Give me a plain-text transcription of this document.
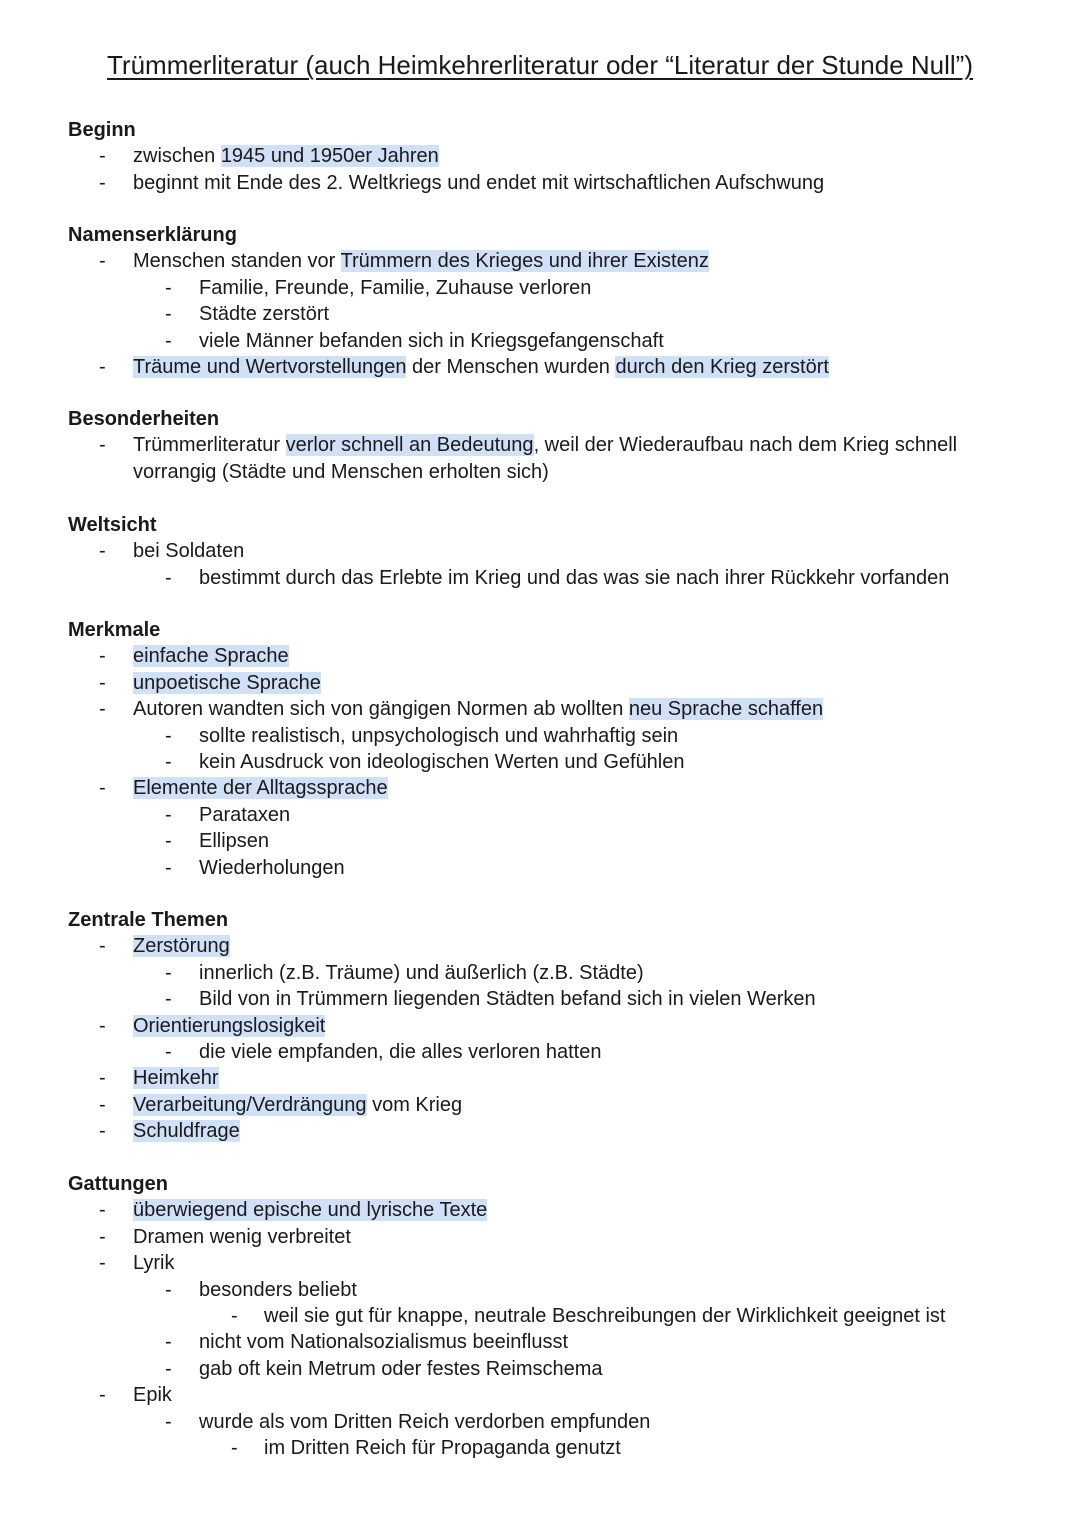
Trümmerliteratur (auch Heimkehrerliteratur oder “Literatur der Stunde Null”)
Beginn
- zwischen 1945 und 1950er Jahren
- beginnt mit Ende des 2. Weltkriegs und endet mit wirtschaftlichen Aufschwung
Namenserklärung
- Menschen standen vor Trümmern des Krieges und ihrer Existenz
- Familie, Freunde, Familie, Zuhause verloren
- Städte zerstört
- viele Männer befanden sich in Kriegsgefangenschaft
- Träume und Wertvorstellungen der Menschen wurden durch den Krieg zerstört
Besonderheiten
- Trümmerliteratur verlor schnell an Bedeutung, weil der Wiederaufbau nach dem Krieg schnell vorrangig (Städte und Menschen erholten sich)
Weltsicht
- bei Soldaten
- bestimmt durch das Erlebte im Krieg und das was sie nach ihrer Rückkehr vorfanden
Merkmale
- einfache Sprache
- unpoetische Sprache
- Autoren wandten sich von gängigen Normen ab wollten neu Sprache schaffen
- sollte realistisch, unpsychologisch und wahrhaftig sein
- kein Ausdruck von ideologischen Werten und Gefühlen
- Elemente der Alltagssprache
- Parataxen
- Ellipsen
- Wiederholungen
Zentrale Themen
- Zerstörung
- innerlich (z.B. Träume) und äußerlich (z.B. Städte)
- Bild von in Trümmern liegenden Städten befand sich in vielen Werken
- Orientierungslosigkeit
- die viele empfanden, die alles verloren hatten
- Heimkehr
- Verarbeitung/Verdrängung vom Krieg
- Schuldfrage
Gattungen
- überwiegend epische und lyrische Texte
- Dramen wenig verbreitet
- Lyrik
- besonders beliebt
- weil sie gut für knappe, neutrale Beschreibungen der Wirklichkeit geeignet ist
- nicht vom Nationalsozialismus beeinflusst
- gab oft kein Metrum oder festes Reimschema
- Epik
- wurde als vom Dritten Reich verdorben empfunden
- im Dritten Reich für Propaganda genutzt
